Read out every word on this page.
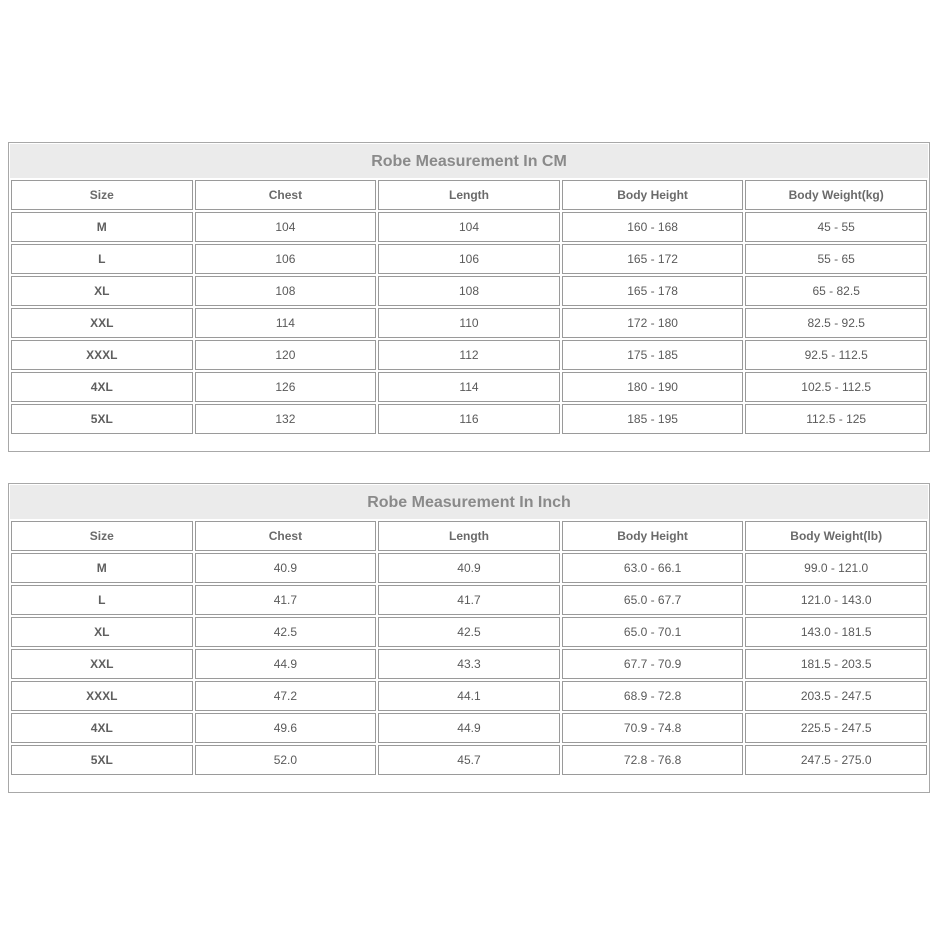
Robe Measurement In CM
Size	Chest	Length	Body Height	Body Weight(kg)
M	104	104	160 - 168	45 - 55
L	106	106	165 - 172	55 - 65
XL	108	108	165 - 178	65 - 82.5
XXL	114	110	172 - 180	82.5 - 92.5
XXXL	120	112	175 - 185	92.5 - 112.5
4XL	126	114	180 - 190	102.5 - 112.5
5XL	132	116	185 - 195	112.5 - 125
Robe Measurement In Inch
Size	Chest	Length	Body Height	Body Weight(lb)
M	40.9	40.9	63.0 - 66.1	99.0 - 121.0
L	41.7	41.7	65.0 - 67.7	121.0 - 143.0
XL	42.5	42.5	65.0 - 70.1	143.0 - 181.5
XXL	44.9	43.3	67.7 - 70.9	181.5 - 203.5
XXXL	47.2	44.1	68.9 - 72.8	203.5 - 247.5
4XL	49.6	44.9	70.9 - 74.8	225.5 - 247.5
5XL	52.0	45.7	72.8 - 76.8	247.5 - 275.0
